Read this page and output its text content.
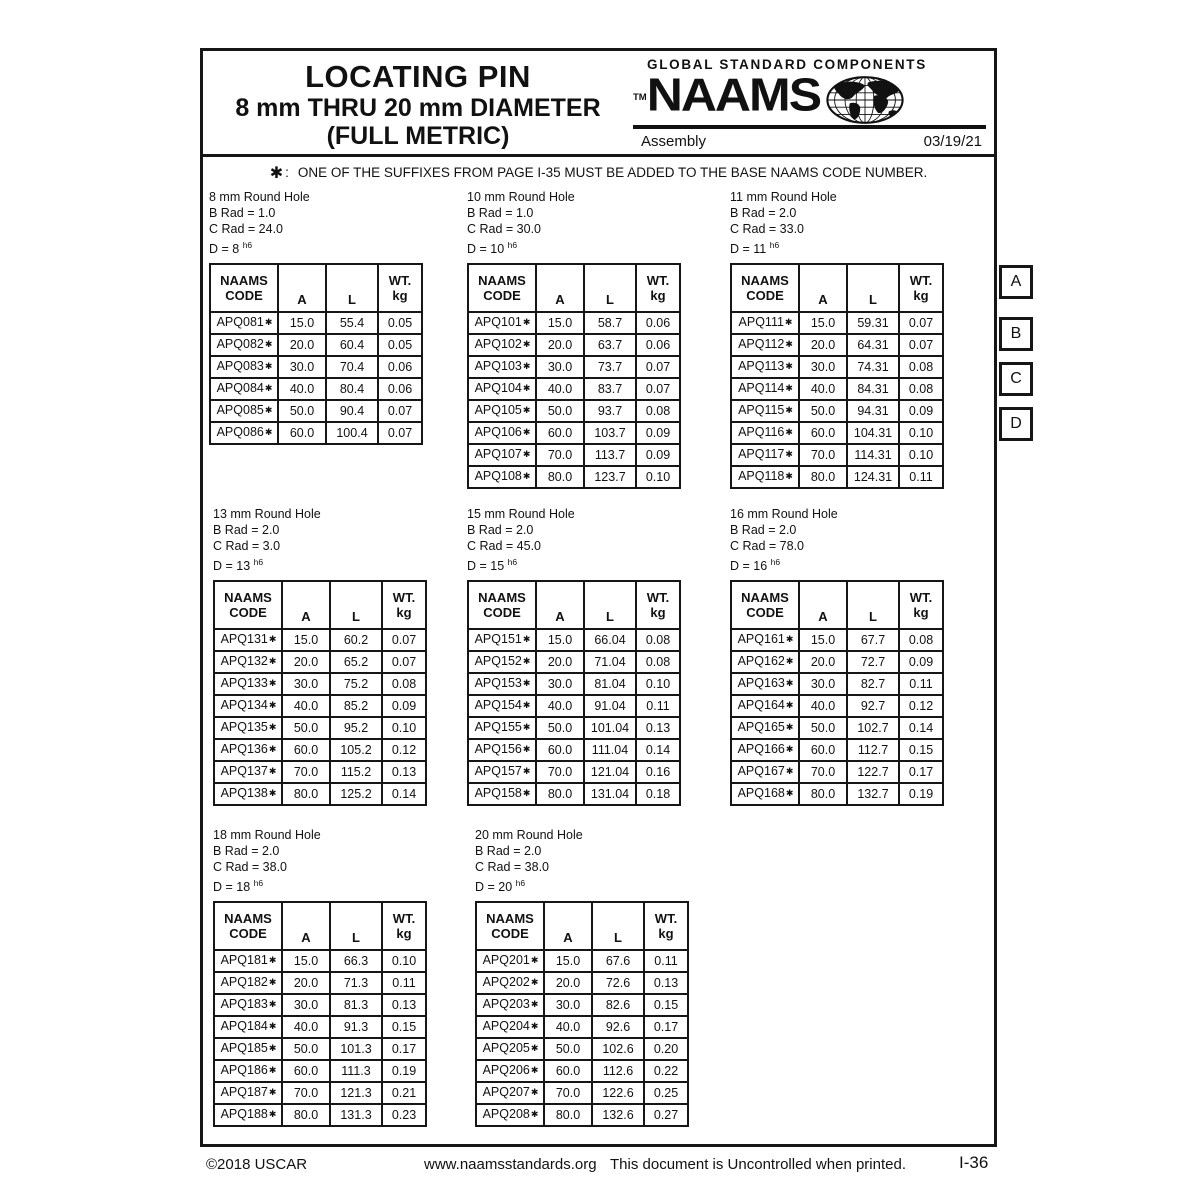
LOCATING PIN
8 mm THRU 20 mm DIAMETER
(FULL METRIC)
GLOBAL STANDARD COMPONENTS
TM NAAMS
Assembly	03/19/21
✱ : ONE OF THE SUFFIXES FROM PAGE I-35 MUST BE ADDED TO THE BASE NAAMS CODE NUMBER.
8 mm Round Hole
B Rad = 1.0
C Rad = 24.0
D = 8 $^{h6}$
NAAMS
CODE	A	L	WT.
kg

APQ081✱	15.0	55.4	0.05
APQ082✱	20.0	60.4	0.05
APQ083✱	30.0	70.4	0.06
APQ084✱	40.0	80.4	0.06
APQ085✱	50.0	90.4	0.07
APQ086✱	60.0	100.4	0.07
10 mm Round Hole
B Rad = 1.0
C Rad = 30.0
D = 10 $^{h6}$
NAAMS
CODE	A	L	WT.
kg

APQ101✱	15.0	58.7	0.06
APQ102✱	20.0	63.7	0.06
APQ103✱	30.0	73.7	0.07
APQ104✱	40.0	83.7	0.07
APQ105✱	50.0	93.7	0.08
APQ106✱	60.0	103.7	0.09
APQ107✱	70.0	113.7	0.09
APQ108✱	80.0	123.7	0.10
11 mm Round Hole
B Rad = 2.0
C Rad = 33.0
D = 11 $^{h6}$
NAAMS
CODE	A	L	WT.
kg

APQ111✱	15.0	59.31	0.07
APQ112✱	20.0	64.31	0.07
APQ113✱	30.0	74.31	0.08
APQ114✱	40.0	84.31	0.08
APQ115✱	50.0	94.31	0.09
APQ116✱	60.0	104.31	0.10
APQ117✱	70.0	114.31	0.10
APQ118✱	80.0	124.31	0.11
13 mm Round Hole
B Rad = 2.0
C Rad = 3.0
D = 13 $^{h6}$
NAAMS
CODE	A	L	WT.
kg

APQ131✱	15.0	60.2	0.07
APQ132✱	20.0	65.2	0.07
APQ133✱	30.0	75.2	0.08
APQ134✱	40.0	85.2	0.09
APQ135✱	50.0	95.2	0.10
APQ136✱	60.0	105.2	0.12
APQ137✱	70.0	115.2	0.13
APQ138✱	80.0	125.2	0.14
15 mm Round Hole
B Rad = 2.0
C Rad = 45.0
D = 15 $^{h6}$
NAAMS
CODE	A	L	WT.
kg

APQ151✱	15.0	66.04	0.08
APQ152✱	20.0	71.04	0.08
APQ153✱	30.0	81.04	0.10
APQ154✱	40.0	91.04	0.11
APQ155✱	50.0	101.04	0.13
APQ156✱	60.0	111.04	0.14
APQ157✱	70.0	121.04	0.16
APQ158✱	80.0	131.04	0.18
16 mm Round Hole
B Rad = 2.0
C Rad = 78.0
D = 16 $^{h6}$
NAAMS
CODE	A	L	WT.
kg

APQ161✱	15.0	67.7	0.08
APQ162✱	20.0	72.7	0.09
APQ163✱	30.0	82.7	0.11
APQ164✱	40.0	92.7	0.12
APQ165✱	50.0	102.7	0.14
APQ166✱	60.0	112.7	0.15
APQ167✱	70.0	122.7	0.17
APQ168✱	80.0	132.7	0.19
18 mm Round Hole
B Rad = 2.0
C Rad = 38.0
D = 18 $^{h6}$
NAAMS
CODE	A	L	WT.
kg

APQ181✱	15.0	66.3	0.10
APQ182✱	20.0	71.3	0.11
APQ183✱	30.0	81.3	0.13
APQ184✱	40.0	91.3	0.15
APQ185✱	50.0	101.3	0.17
APQ186✱	60.0	111.3	0.19
APQ187✱	70.0	121.3	0.21
APQ188✱	80.0	131.3	0.23
20 mm Round Hole
B Rad = 2.0
C Rad = 38.0
D = 20 $^{h6}$
NAAMS
CODE	A	L	WT.
kg

APQ201✱	15.0	67.6	0.11
APQ202✱	20.0	72.6	0.13
APQ203✱	30.0	82.6	0.15
APQ204✱	40.0	92.6	0.17
APQ205✱	50.0	102.6	0.20
APQ206✱	60.0	112.6	0.22
APQ207✱	70.0	122.6	0.25
APQ208✱	80.0	132.6	0.27
A
B
C
D
©2018 USCAR	www.naamsstandards.org This document is Uncontrolled when printed.	I-36
